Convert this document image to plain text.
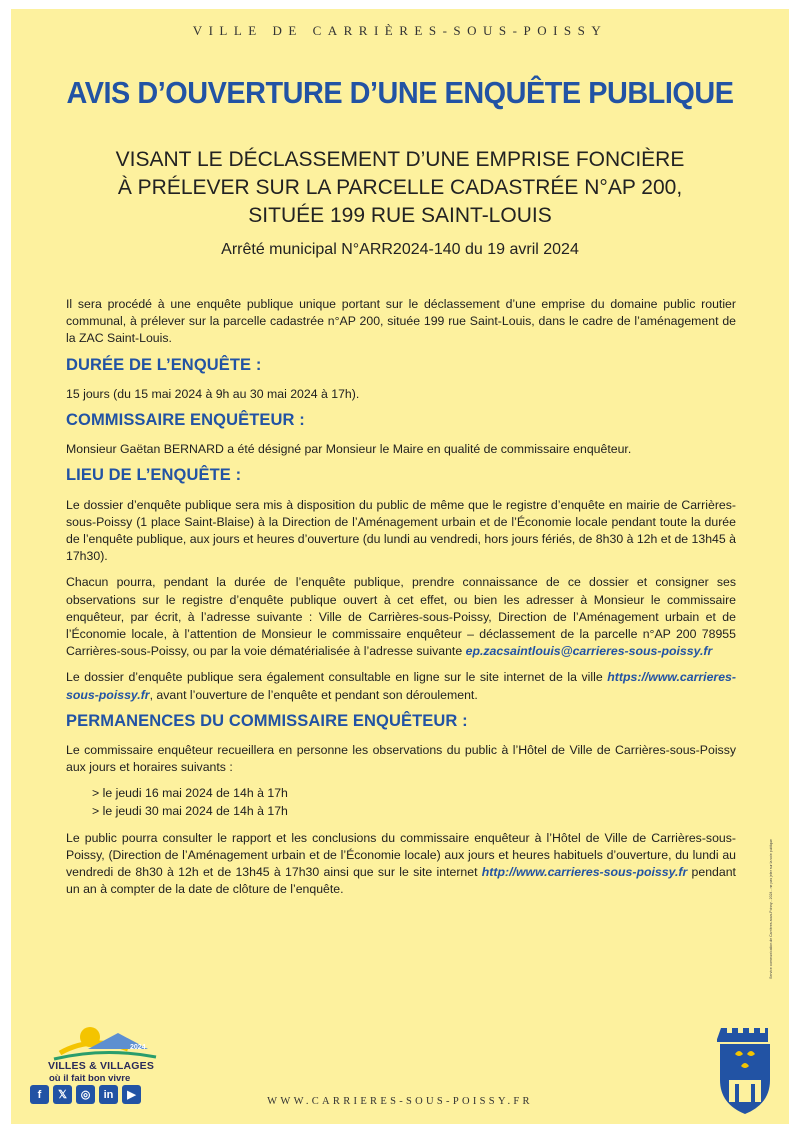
VILLE DE CARRIÈRES-SOUS-POISSY
AVIS D’OUVERTURE D’UNE ENQUÊTE PUBLIQUE
VISANT LE DÉCLASSEMENT D’UNE EMPRISE FONCIÈRE
À PRÉLEVER SUR LA PARCELLE CADASTRÉE N°AP 200,
SITUÉE 199 RUE SAINT-LOUIS
Arrêté municipal N°ARR2024-140 du 19 avril 2024

Il sera procédé à une enquête publique unique portant sur le déclassement d’une emprise du domaine public routier communal, à prélever sur la parcelle cadastrée n°AP 200, située 199 rue Saint-Louis, dans le cadre de l’aménagement de la ZAC Saint-Louis.

DURÉE DE L’ENQUÊTE :

15 jours (du 15 mai 2024 à 9h au 30 mai 2024 à 17h).

COMMISSAIRE ENQUÊTEUR :

Monsieur Gaëtan BERNARD a été désigné par Monsieur le Maire en qualité de commissaire enquêteur.

LIEU DE L’ENQUÊTE :

Le dossier d’enquête publique sera mis à disposition du public de même que le registre d’enquête en mairie de Carrières-sous-Poissy (1 place Saint-Blaise) à la Direction de l’Aménagement urbain et de l’Économie locale pendant toute la durée de l’enquête publique, aux jours et heures d’ouverture (du lundi au vendredi, hors jours fériés, de 8h30 à 12h et de 13h45 à 17h30).

Chacun pourra, pendant la durée de l’enquête publique, prendre connaissance de ce dossier et consigner ses observations sur le registre d’enquête publique ouvert à cet effet, ou bien les adresser à Monsieur le commissaire enquêteur, par écrit, à l’adresse suivante : Ville de Carrières-sous-Poissy, Direction de l’Aménagement urbain et de l’Économie locale, à l’attention de Monsieur le commissaire enquêteur – déclassement de la parcelle n°AP 200 78955 Carrières-sous-Poissy, ou par la voie dématérialisée à l’adresse suivante ep.zacsaintlouis@carrieres-sous-poissy.fr

Le dossier d’enquête publique sera également consultable en ligne sur le site internet de la ville https://www.carrieres-sous-poissy.fr, avant l’ouverture de l’enquête et pendant son déroulement.

PERMANENCES DU COMMISSAIRE ENQUÊTEUR :

Le commissaire enquêteur recueillera en personne les observations du public à l’Hôtel de Ville de Carrières-sous-Poissy aux jours et horaires suivants :

> le jeudi 16 mai 2024 de 14h à 17h
> le jeudi 30 mai 2024 de 14h à 17h

Le public pourra consulter le rapport et les conclusions du commissaire enquêteur à l’Hôtel de Ville de Carrières-sous-Poissy, (Direction de l’Aménagement urbain et de l’Économie locale) aux jours et heures habituels d’ouverture, du lundi au vendredi de 8h30 à 12h et de 13h45 à 17h30 ainsi que sur le site internet http://www.carrieres-sous-poissy.fr pendant un an à compter de la date de clôture de l’enquête.	Service communication de Carrières-sous-Poissy - 2024 - ne pas jeter sur la voie publique
2024
VILLES & VILLAGES
où il fait bon vivre
f	𝕏	◎	in	▶
WWW.CARRIERES-SOUS-POISSY.FR
